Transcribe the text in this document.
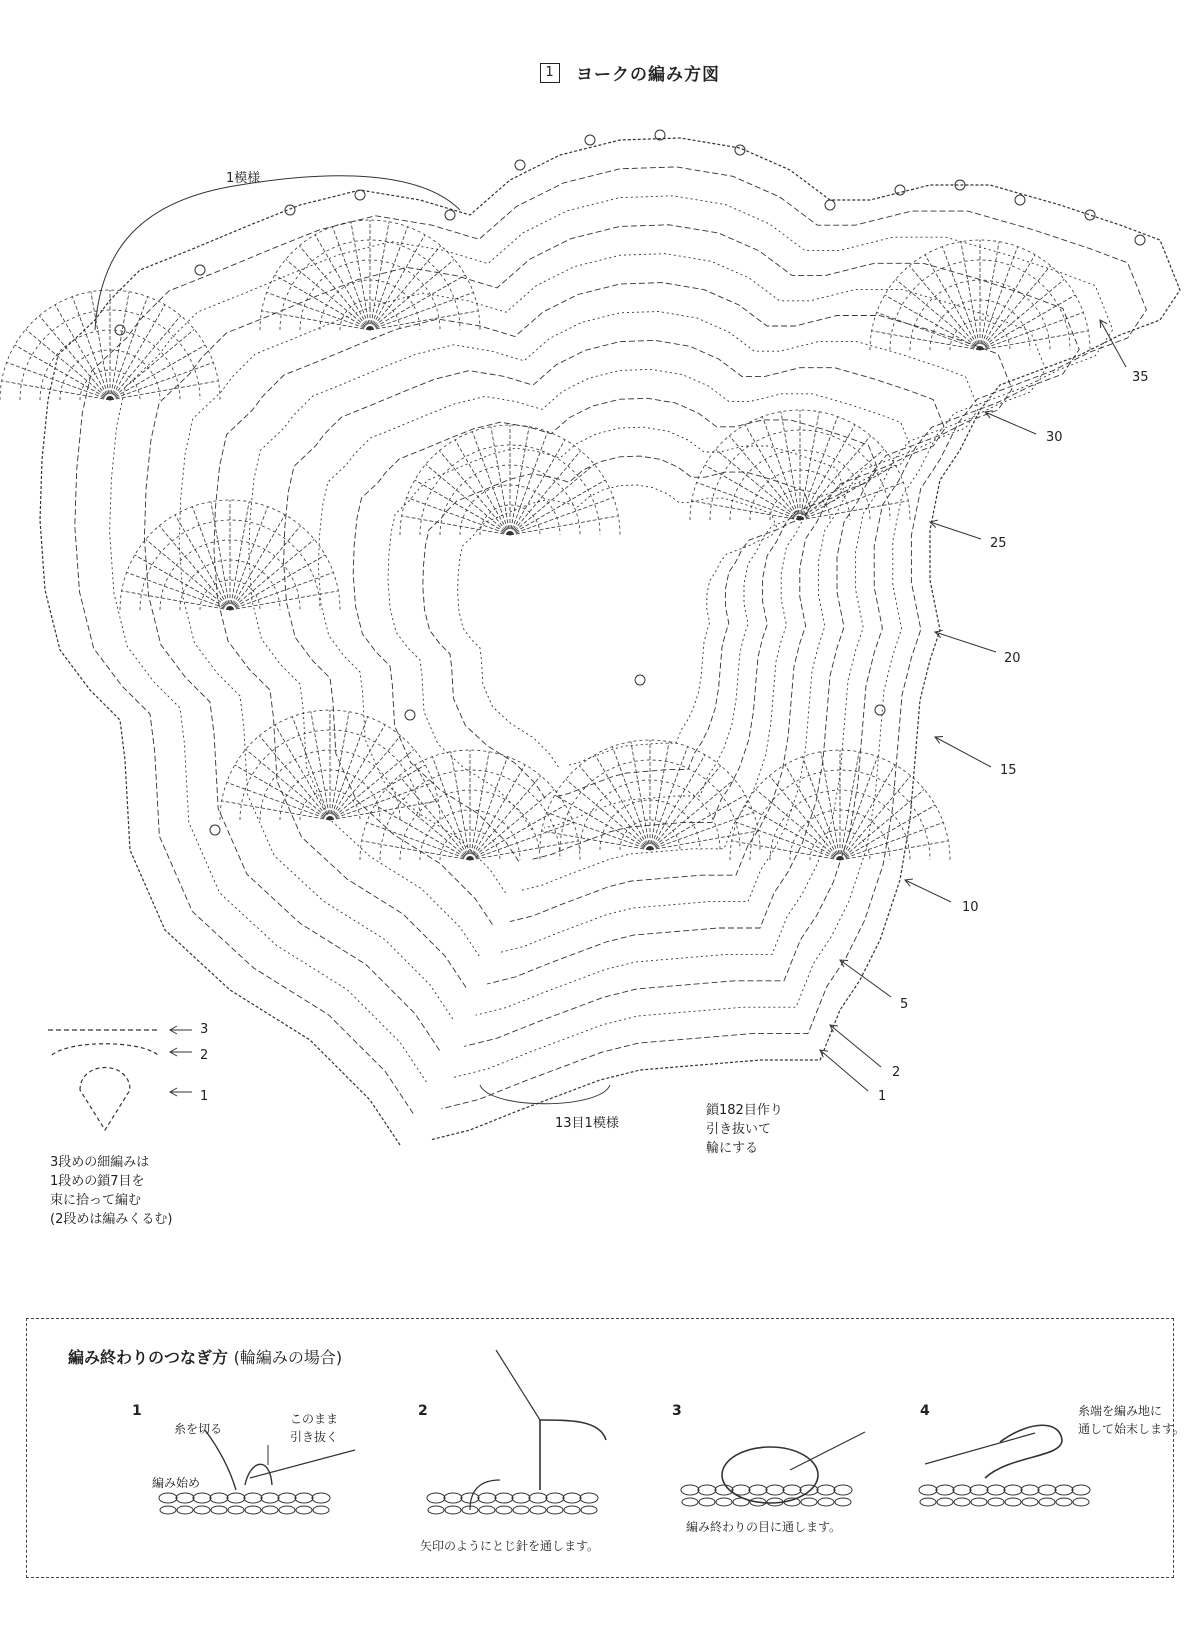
1	ヨークの編み方図
1模様
35
30
25
20
15
10
5
2
1
13目1模様
鎖182目作り
引き抜いて
輪にする
3
2
1
3段めの細編みは
1段めの鎖7目を
束に拾って編む
(2段めは編みくるむ)
編み終わりのつなぎ方 (輪編みの場合)
1
糸を切る
このまま
引き抜く
編み始め
2
矢印のようにとじ針を通します。
3
編み終わりの目に通します。
4	糸端を編み地に
通して始末します。
